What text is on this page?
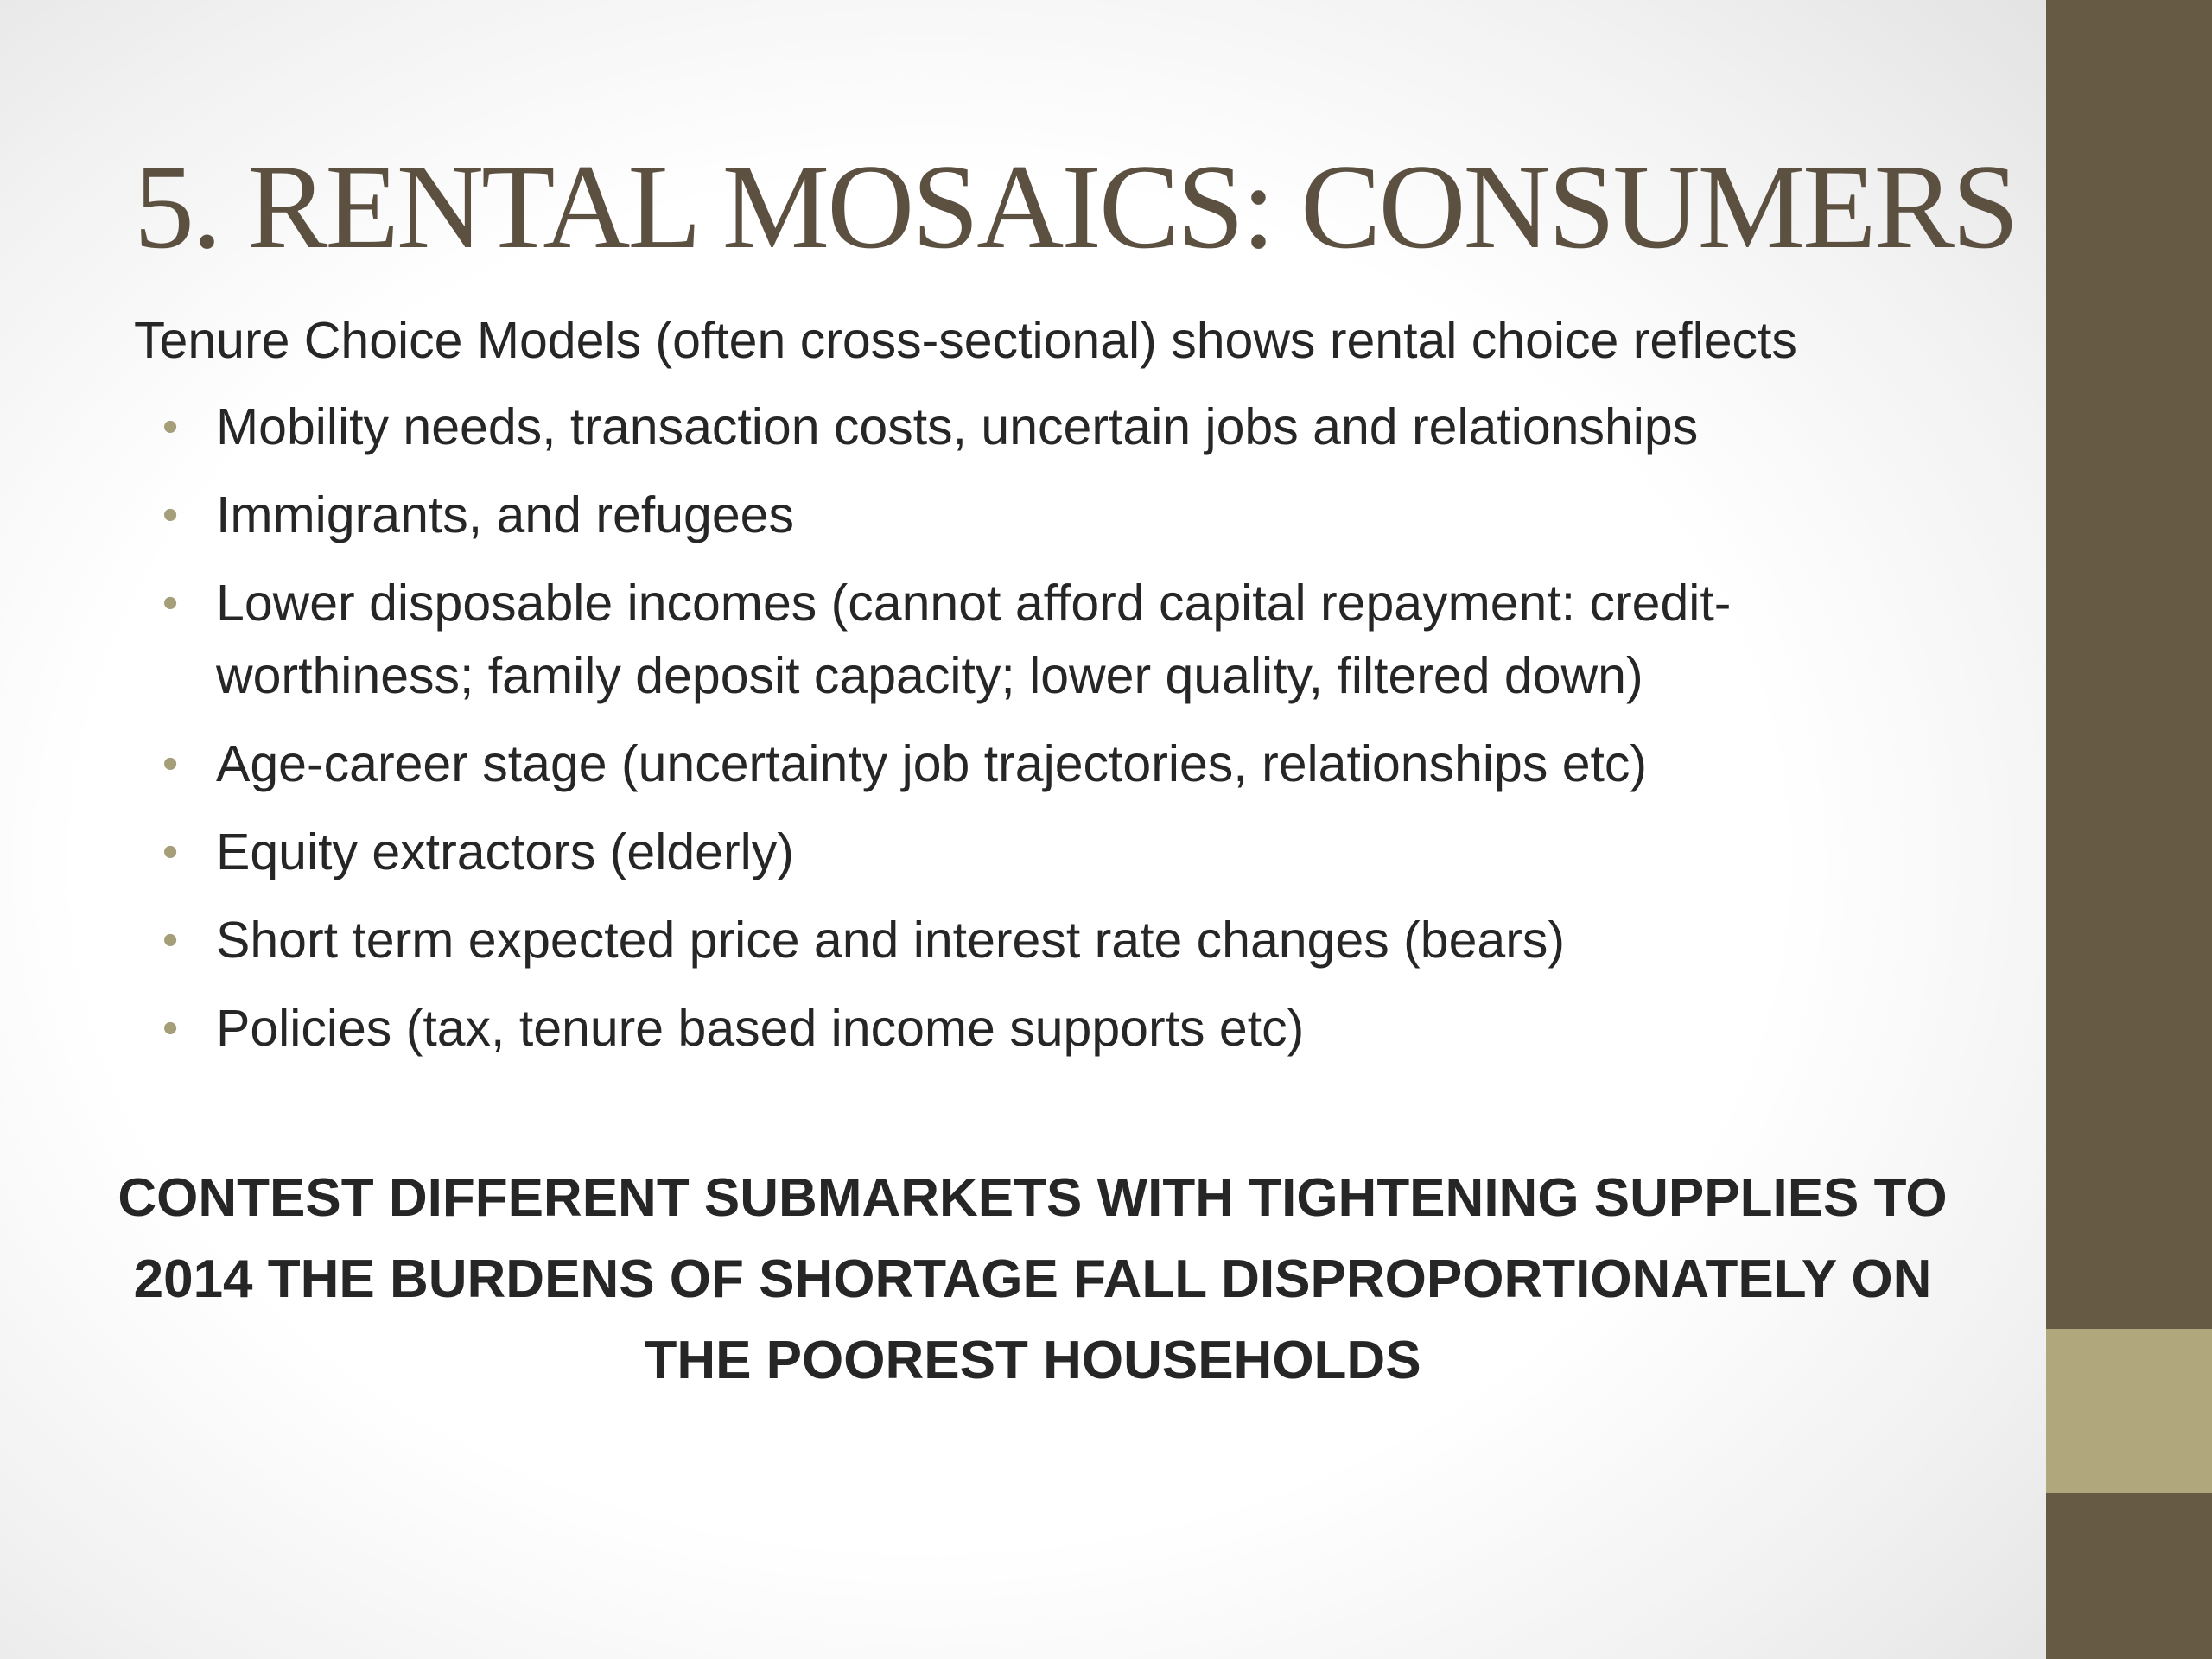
5. RENTAL MOSAICS: CONSUMERS

Tenure Choice Models (often cross-sectional) shows rental choice reflects

• Mobility needs, transaction costs, uncertain jobs and relationships
• Immigrants, and refugees
• Lower disposable incomes (cannot afford capital repayment: credit-worthiness; family deposit capacity; lower quality, filtered down)
• Age-career stage (uncertainty job trajectories, relationships etc)
• Equity extractors (elderly)
• Short term expected price and interest rate changes (bears)
• Policies (tax, tenure based income supports etc)

CONTEST DIFFERENT SUBMARKETS WITH TIGHTENING SUPPLIES TO 2014 THE BURDENS OF SHORTAGE FALL DISPROPORTIONATELY ON THE POOREST HOUSEHOLDS
